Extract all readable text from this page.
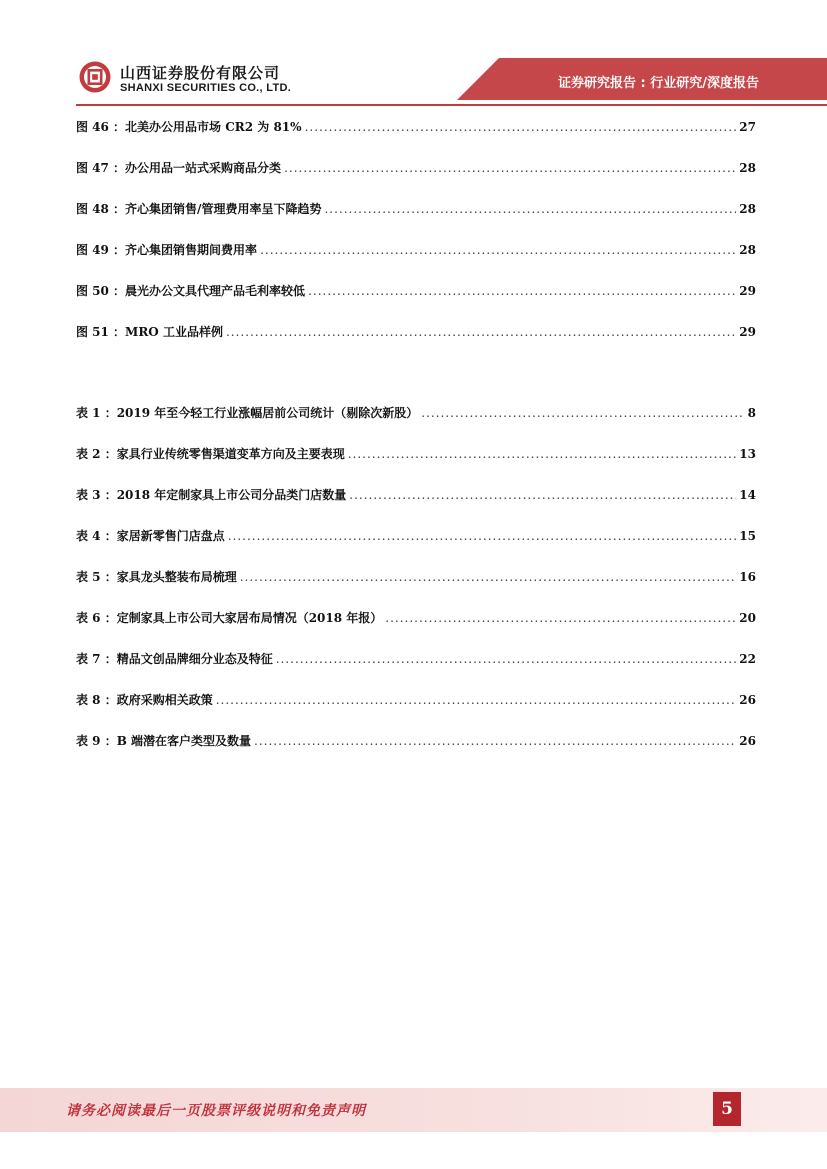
山西证券股份有限公司
SHANXI SECURITIES CO., LTD.	证券研究报告 : 行业研究/深度报告
图 46 ：北美办公用品市场 CR2 为 81% .....	27
图 47 ：办公用品一站式采购商品分类 .....	28
图 48 ：齐心集团销售/管理费用率呈下降趋势 .....	28
图 49 ：齐心集团销售期间费用率 .....	28
图 50 ：晨光办公文具代理产品毛利率较低 .....	29
图 51 ：MRO 工业品样例 .....	29
表 1 ：2019 年至今轻工行业涨幅居前公司统计（剔除次新股） .....	8
表 2 ：家具行业传统零售渠道变革方向及主要表现 .....	13
表 3 ：2018 年定制家具上市公司分品类门店数量 .....	14
表 4 ：家居新零售门店盘点 .....	15
表 5 ：家具龙头整装布局梳理 .....	16
表 6 ：定制家具上市公司大家居布局情况（2018 年报） .....	20
表 7 ：精品文创品牌细分业态及特征 .....	22
表 8 ：政府采购相关政策 .....	26
表 9 ：B 端潜在客户类型及数量 .....	26
请务必阅读最后一页股票评级说明和免责声明	5
